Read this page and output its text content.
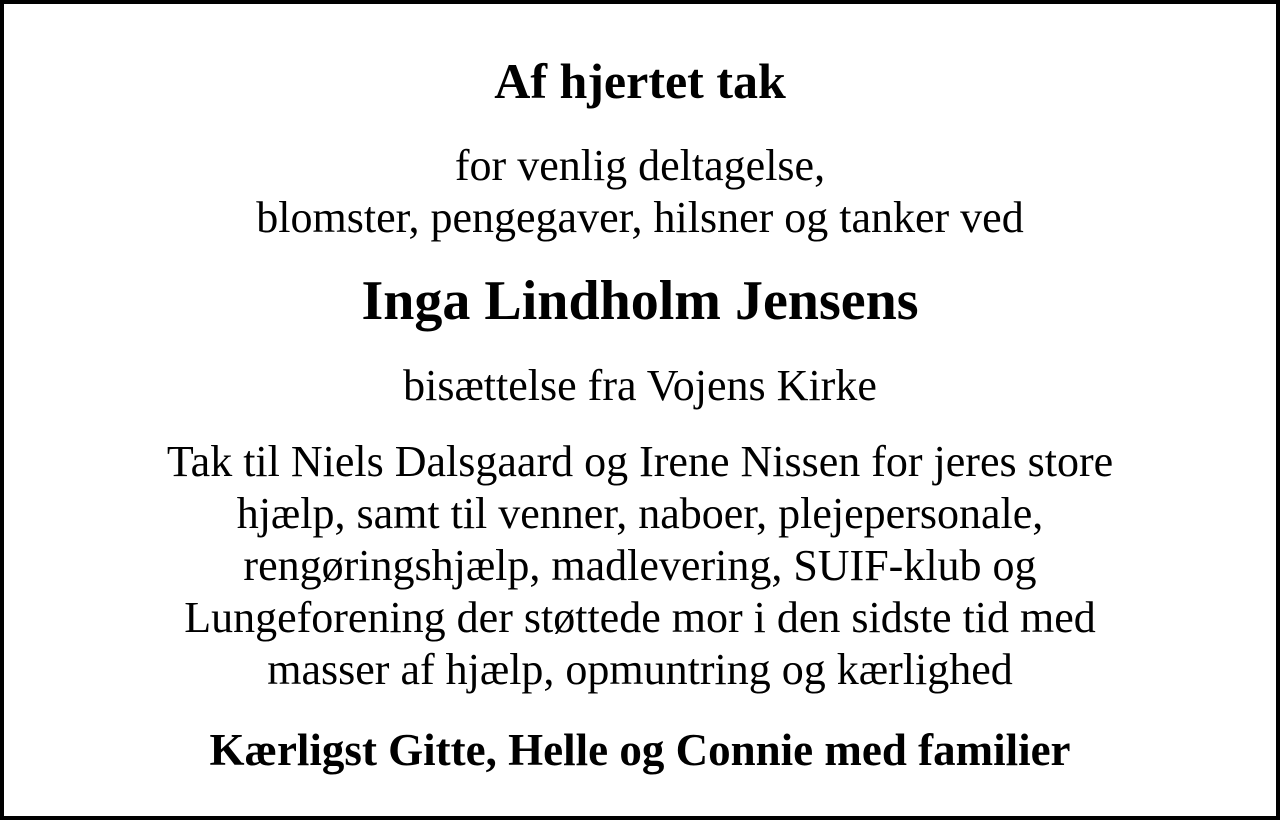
Af hjertet tak
for venlig deltagelse,
blomster, pengegaver, hilsner og tanker ved
Inga Lindholm Jensens
bisættelse fra Vojens Kirke
Tak til Niels Dalsgaard og Irene Nissen for jeres store
hjælp, samt til venner, naboer, plejepersonale,
rengøringshjælp, madlevering, SUIF-klub og
Lungeforening der støttede mor i den sidste tid med
masser af hjælp, opmuntring og kærlighed
Kærligst Gitte, Helle og Connie med familier
